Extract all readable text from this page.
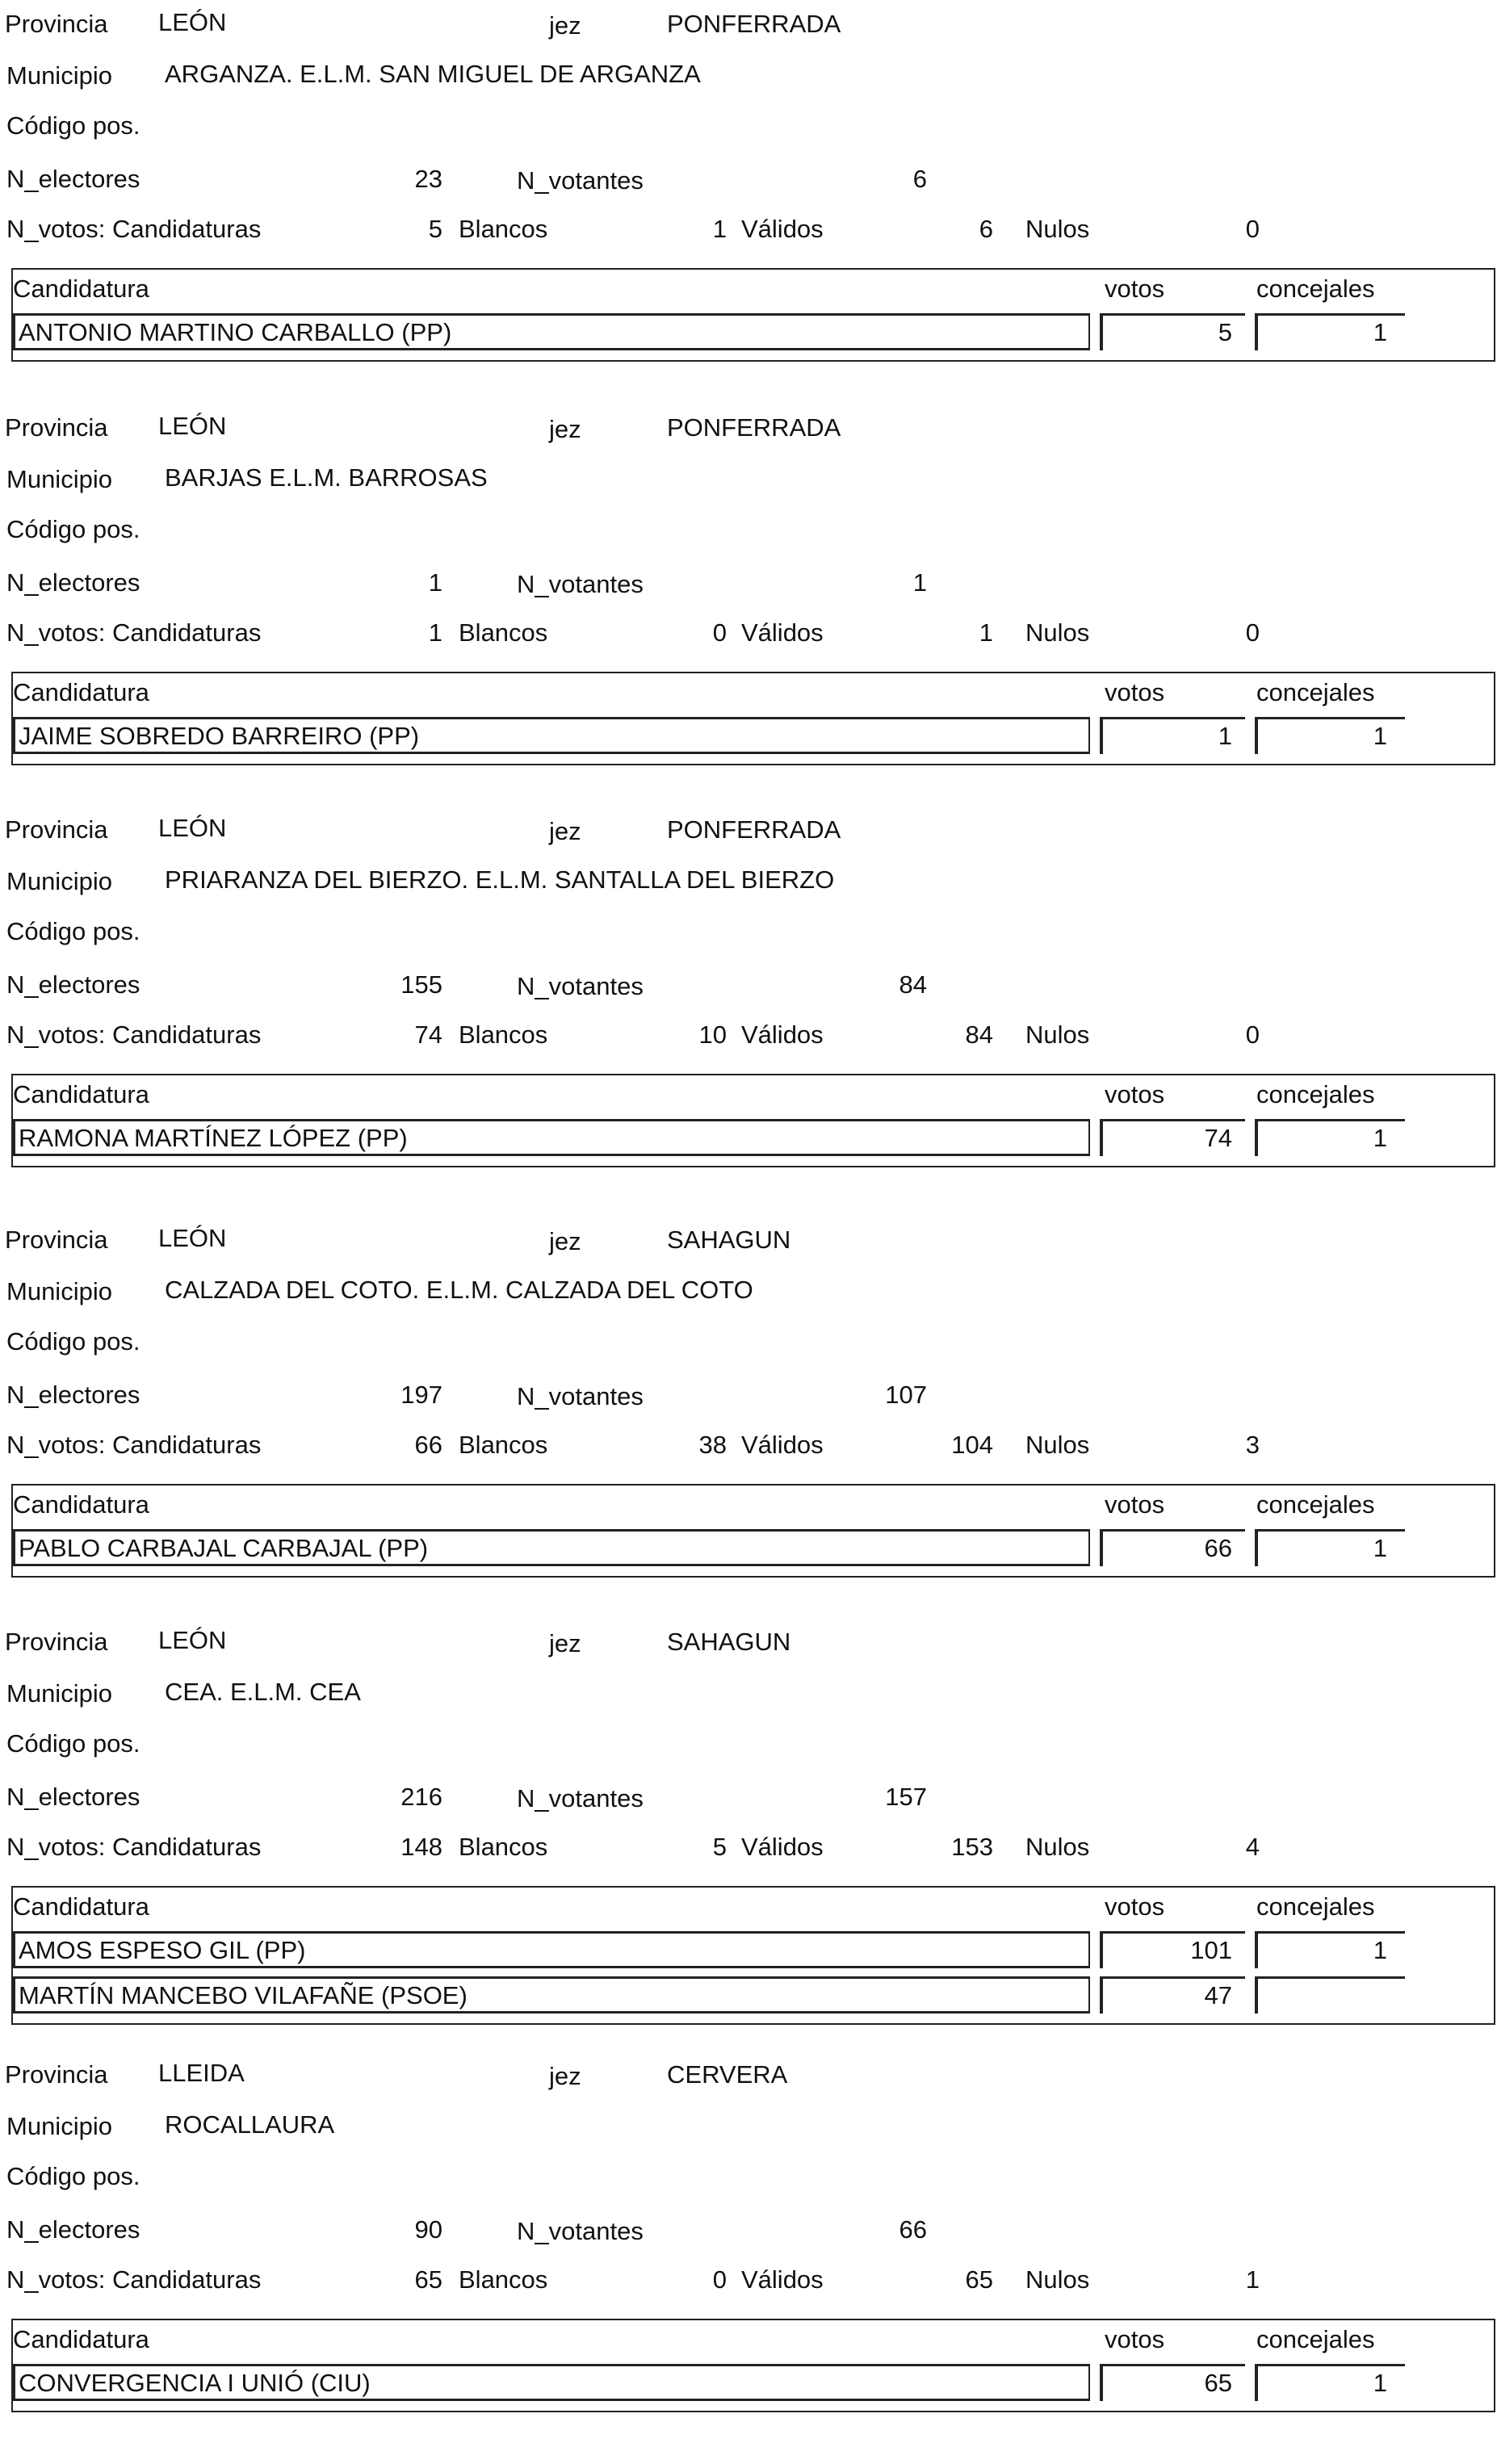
Provincia LEÓN	jez	PONFERRADA
Municipio ARGANZA. E.L.M. SAN MIGUEL DE ARGANZA
Código pos.
N_electores	23	N_votantes	6
N_votos: Candidaturas	5 Blancos	1 Válidos	6 Nulos	0
Candidatura	votos	concejales
ANTONIO MARTINO CARBALLO (PP)	5	1
Provincia LEÓN	jez	PONFERRADA
Municipio BARJAS E.L.M. BARROSAS
Código pos.
N_electores	1	N_votantes	1
N_votos: Candidaturas	1 Blancos	0 Válidos	1 Nulos	0
Candidatura	votos	concejales
JAIME SOBREDO BARREIRO (PP)	1	1
Provincia LEÓN	jez	PONFERRADA
Municipio PRIARANZA DEL BIERZO. E.L.M. SANTALLA DEL BIERZO
Código pos.
N_electores	155	N_votantes	84
N_votos: Candidaturas	74 Blancos	10 Válidos	84 Nulos	0
Candidatura	votos	concejales
RAMONA MARTÍNEZ LÓPEZ (PP)	74	1
Provincia LEÓN	jez	SAHAGUN
Municipio CALZADA DEL COTO. E.L.M. CALZADA DEL COTO
Código pos.
N_electores	197	N_votantes	107
N_votos: Candidaturas	66 Blancos	38 Válidos	104 Nulos	3
Candidatura	votos	concejales
PABLO CARBAJAL CARBAJAL (PP)	66	1
Provincia LEÓN	jez	SAHAGUN
Municipio CEA. E.L.M. CEA
Código pos.
N_electores	216	N_votantes	157
N_votos: Candidaturas	148 Blancos	5 Válidos	153 Nulos	4
Candidatura	votos	concejales
AMOS ESPESO GIL (PP)	101	1
MARTÍN MANCEBO VILAFAÑE (PSOE)	47
Provincia LLEIDA	jez	CERVERA
Municipio ROCALLAURA
Código pos.
N_electores	90	N_votantes	66
N_votos: Candidaturas	65 Blancos	0 Válidos	65 Nulos	1
Candidatura	votos	concejales
CONVERGENCIA I UNIÓ (CIU)	65	1
